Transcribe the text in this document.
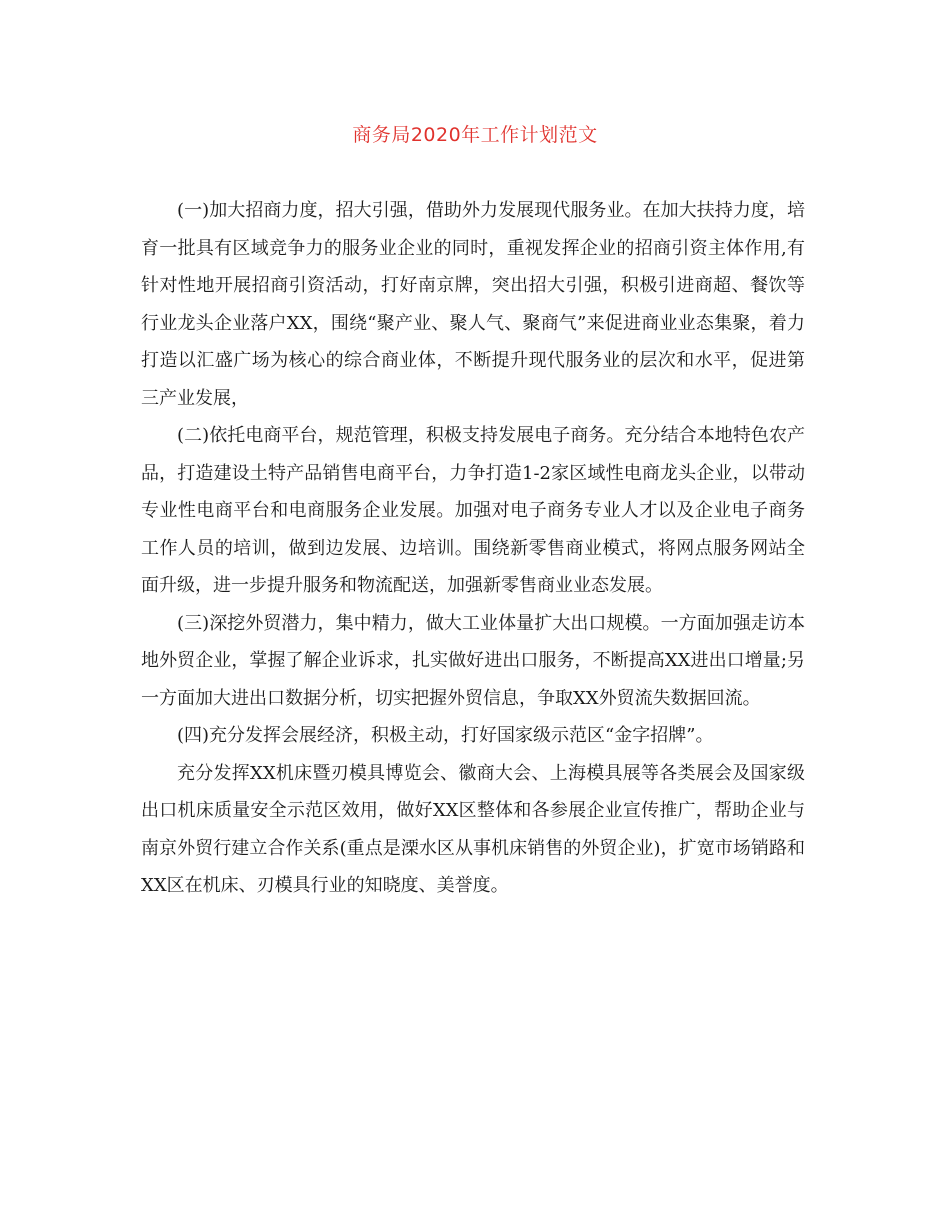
商务局2020年工作计划范文

(一)加大招商力度，招大引强，借助外力发展现代服务业。在加大扶持力度，培育一批具有区域竞争力的服务业企业的同时，重视发挥企业的招商引资主体作用,有针对性地开展招商引资活动，打好南京牌，突出招大引强，积极引进商超、餐饮等行业龙头企业落户XX，围绕“聚产业、聚人气、聚商气”来促进商业业态集聚，着力打造以汇盛广场为核心的综合商业体，不断提升现代服务业的层次和水平，促进第三产业发展，

(二)依托电商平台，规范管理，积极支持发展电子商务。充分结合本地特色农产品，打造建设土特产品销售电商平台，力争打造1-2家区域性电商龙头企业，以带动专业性电商平台和电商服务企业发展。加强对电子商务专业人才以及企业电子商务工作人员的培训，做到边发展、边培训。围绕新零售商业模式，将网点服务网站全面升级，进一步提升服务和物流配送，加强新零售商业业态发展。

(三)深挖外贸潜力，集中精力，做大工业体量扩大出口规模。一方面加强走访本地外贸企业，掌握了解企业诉求，扎实做好进出口服务，不断提高XX进出口增量;另一方面加大进出口数据分析，切实把握外贸信息，争取XX外贸流失数据回流。

(四)充分发挥会展经济，积极主动，打好国家级示范区“金字招牌”。

充分发挥XX机床暨刃模具博览会、徽商大会、上海模具展等各类展会及国家级出口机床质量安全示范区效用，做好XX区整体和各参展企业宣传推广，帮助企业与南京外贸行建立合作关系(重点是溧水区从事机床销售的外贸企业)，扩宽市场销路和XX区在机床、刃模具行业的知晓度、美誉度。
